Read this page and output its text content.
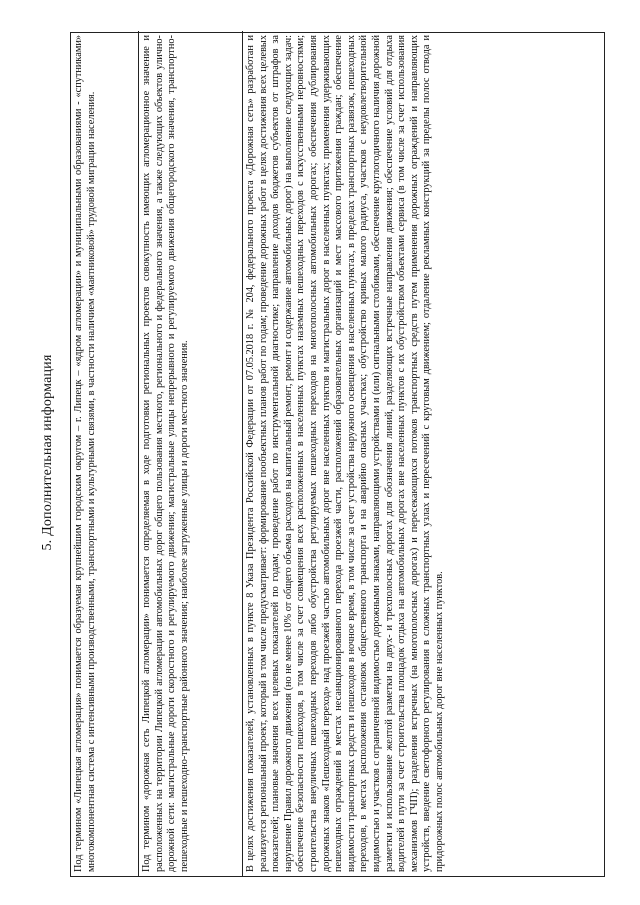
5. Дополнительная информация Под термином «Липецкая агломерация» понимается образуемая крупнейшим городским округом – г. Липецк – «ядром агломерации» и муниципальными образованиями - «спутниками» многокомпонентная система с интенсивными производственными, транспортными и культурными связями, в частности наличием «маятниковой» трудовой миграции населения.	Под термином «дорожная сеть Липецкой агломерации» понимается определяемая в ходе подготовки региональных проектов совокупность имеющих агломерационное значение и расположенных на территории Липецкой агломерации автомобильных дорог общего пользования местного, регионального и федерального значения, а также следующих объектов улично-дорожной сети: магистральные дороги скоростного и регулируемого движения; магистральные улицы непрерывного и регулируемого движения общегородского значения, транспортно-пешеходные и пешеходно-транспортные районного значения; наиболее загруженные улицы и дороги местного значения.	В целях достижения показателей, установленных в пункте 8 Указа Президента Российской Федерации от 07.05.2018 г. № 204, федерального проекта «Дорожная сеть» разработан и реализуется региональный проект, который в том числе предусматривает: формирование пообъектных планов работ по годам; проведение дорожных работ в целях достижения всех целевых показателей; плановые значения всех целевых показателей по годам; проведение работ по инструментальной диагностике; направление доходов бюджетов субъектов от штрафов за нарушение Правил дорожного движения (но не менее 10% от общего объема расходов на капитальный ремонт, ремонт и содержание автомобильных дорог) на выполнение следующих задач: обеспечение безопасности пешеходов, в том числе за счет совмещения всех расположенных в населенных пунктах наземных пешеходных переходов с искусственными неровностями; строительства внеуличных пешеходных переходов либо обустройства регулируемых пешеходных переходов на многополосных автомобильных дорогах; обеспечения дублирования дорожных знаков «Пешеходный переход» над проезжей частью автомобильных дорог вне населенных пунктов и магистральных дорог в населенных пунктах; применения удерживающих пешеходных ограждений в местах несанкционированного перехода проезжей части, расположений образовательных организаций и мест массового притяжения граждан; обеспечение видимости транспортных средств и пешеходов в ночное время, в том числе за счет устройства наружного освещения в населенных пунктах, в пределах транспортных развязок, пешеходных переходов, в местах расположения остановок общественного транспорта и на аварийно опасных участках; обустройство кривых малого радиуса, участков с неудовлетворительной видимостью и участков с ограниченной видимостью дорожными знаками, направляющими устройствами и (или) сигнальными столбиками, обеспечение круглогодичного наличия дорожной разметки и использование желтой разметки на двух- и трехполосных дорогах для обозначения линий, разделяющих встречные направления движения; обеспечение условий для отдыха водителей в пути за счет строительства площадок отдыха на автомобильных дорогах вне населенных пунктов с их обустройством объектами сервиса (в том числе за счет использования механизмов ГЧП); разделения встречных (на многополосных дорогах) и пересекающихся потоков транспортных средств путем применения дорожных ограждений и направляющих устройств, введение светофорного регулирования в сложных транспортных узлах и пересечений с круговым движением; отдаление рекламных конструкций за пределы полос отвода и придорожных полос автомобильных дорог вне населенных пунктов.
